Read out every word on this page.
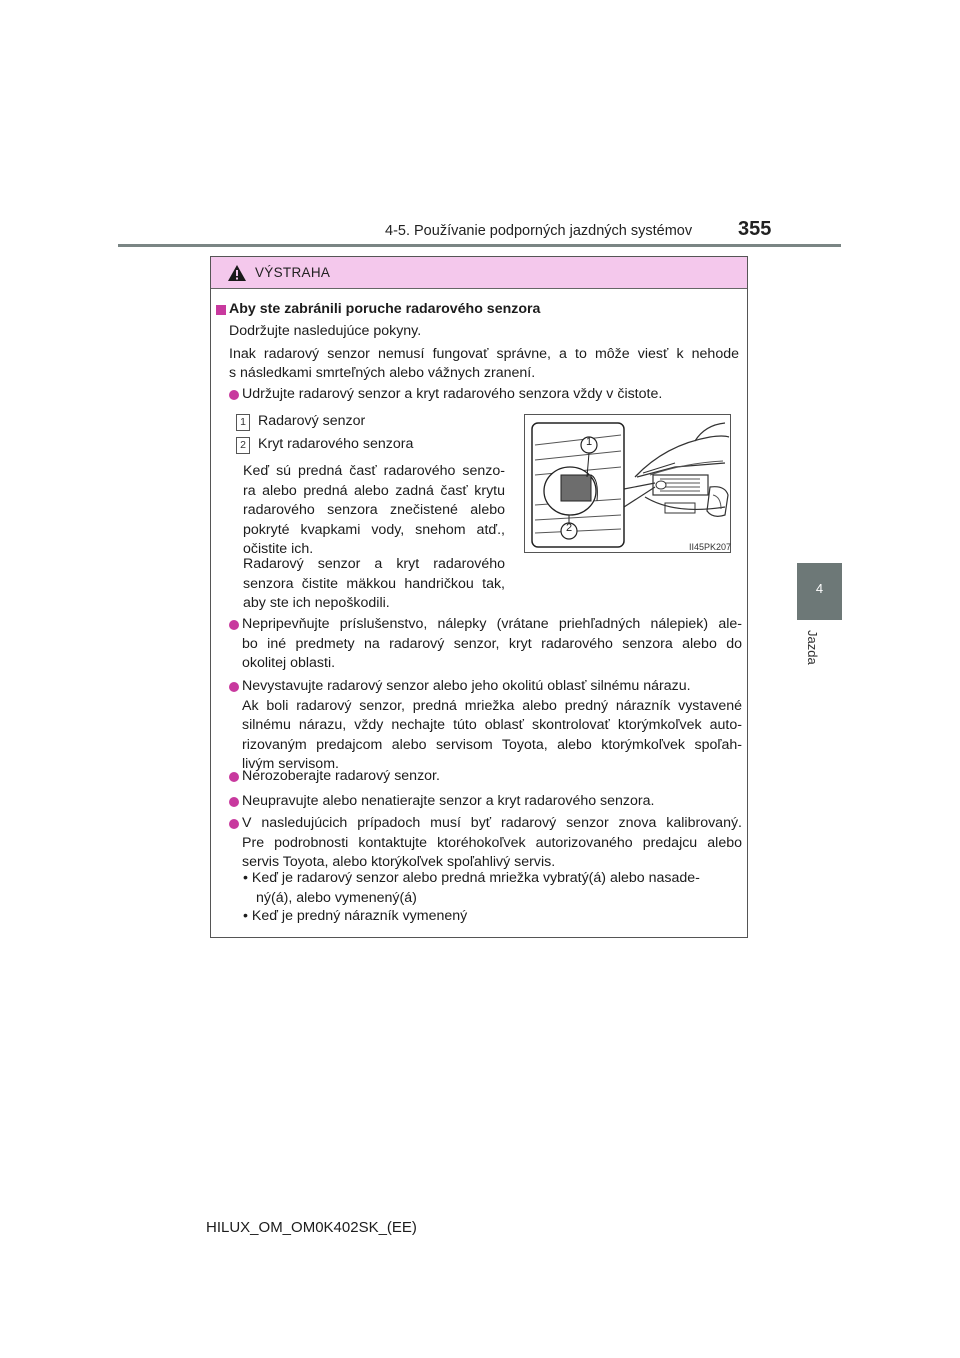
4-5. Používanie podporných jazdných systémov 355
4
Jazda
VÝSTRAHA
Aby ste zabránili poruche radarového senzora
Dodržujte nasledujúce pokyny.
Inak radarový senzor nemusí fungovať správne, a to môže viesť k nehode
s následkami smrteľných alebo vážnych zranení.
Udržujte radarový senzor a kryt radarového senzora vždy v čistote.
1 Radarový senzor
2 Kryt radarového senzora
Keď sú predná časť radarového senzo-
ra alebo predná alebo zadná časť krytu
radarového senzora znečistené alebo
pokryté kvapkami vody, snehom atď.,
očistite ich.
Radarový senzor a kryt radarového
senzora čistite mäkkou handričkou tak,
aby ste ich nepoškodili.
1
2
II45PK207
Nepripevňujte príslušenstvo, nálepky (vrátane priehľadných nálepiek) ale-
bo iné predmety na radarový senzor, kryt radarového senzora alebo do
okolitej oblasti.
Nevystavujte radarový senzor alebo jeho okolitú oblasť silnému nárazu.
Ak boli radarový senzor, predná mriežka alebo predný nárazník vystavené
silnému nárazu, vždy nechajte túto oblasť skontrolovať ktorýmkoľvek auto-
rizovaným predajcom alebo servisom Toyota, alebo ktorýmkoľvek spoľah-
livým servisom.
Nerozoberajte radarový senzor.
Neupravujte alebo nenatierajte senzor a kryt radarového senzora.
V nasledujúcich prípadoch musí byť radarový senzor znova kalibrovaný.
Pre podrobnosti kontaktujte ktoréhokoľvek autorizovaného predajcu alebo
servis Toyota, alebo ktorýkoľvek spoľahlivý servis.
• Keď je radarový senzor alebo predná mriežka vybratý(á) alebo nasade-
ný(á), alebo vymenený(á)
• Keď je predný nárazník vymenený
HILUX_OM_OM0K402SK_(EE)
